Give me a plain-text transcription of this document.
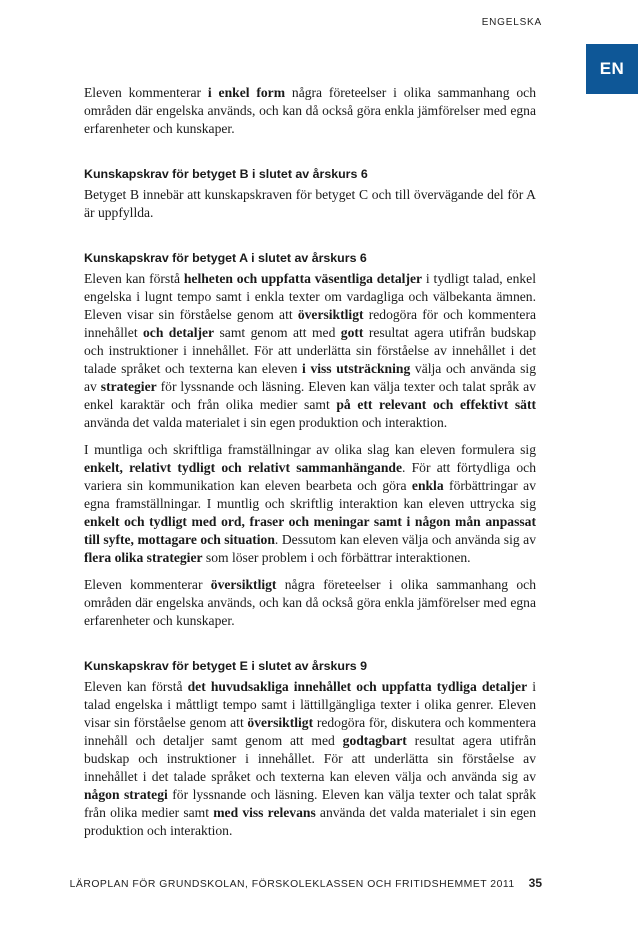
ENGELSKA
EN

Eleven kommenterar i enkel form några företeelser i olika sammanhang och områden där engelska används, och kan då också göra enkla jämförelser med egna erfarenheter och kunskaper.

Kunskapskrav för betyget B i slutet av årskurs 6

Betyget B innebär att kunskapskraven för betyget C och till övervägande del för A är uppfyllda.

Kunskapskrav för betyget A i slutet av årskurs 6

Eleven kan förstå helheten och uppfatta väsentliga detaljer i tydligt talad, enkel engelska i lugnt tempo samt i enkla texter om vardagliga och välbekanta ämnen. Eleven visar sin förståelse genom att översiktligt redogöra för och kommentera innehållet och detaljer samt genom att med gott resultat agera utifrån budskap och instruktioner i innehållet. För att underlätta sin förståelse av innehållet i det talade språket och texterna kan eleven i viss utsträckning välja och använda sig av strategier för lyssnande och läsning. Eleven kan välja texter och talat språk av enkel karaktär och från olika medier samt på ett relevant och effektivt sätt använda det valda materialet i sin egen produktion och interaktion.

I muntliga och skriftliga framställningar av olika slag kan eleven formulera sig enkelt, relativt tydligt och relativt sammanhängande. För att förtydliga och variera sin kommunikation kan eleven bearbeta och göra enkla förbättringar av egna framställningar. I muntlig och skriftlig interaktion kan eleven uttrycka sig enkelt och tydligt med ord, fraser och meningar samt i någon mån anpassat till syfte, mottagare och situation. Dessutom kan eleven välja och använda sig av flera olika strategier som löser problem i och förbättrar interaktionen.

Eleven kommenterar översiktligt några företeelser i olika sammanhang och områden där engelska används, och kan då också göra enkla jämförelser med egna erfarenheter och kunskaper.

Kunskapskrav för betyget E i slutet av årskurs 9

Eleven kan förstå det huvudsakliga innehållet och uppfatta tydliga detaljer i talad engelska i måttligt tempo samt i lättillgängliga texter i olika genrer. Eleven visar sin förståelse genom att översiktligt redogöra för, diskutera och kommentera innehåll och detaljer samt genom att med godtagbart resultat agera utifrån budskap och instruktioner i innehållet. För att underlätta sin förståelse av innehållet i det talade språket och texterna kan eleven välja och använda sig av någon strategi för lyssnande och läsning. Eleven kan välja texter och talat språk från olika medier samt med viss relevans använda det valda materialet i sin egen produktion och interaktion.

LÄROPLAN FÖR GRUNDSKOLAN, FÖRSKOLEKLASSEN OCH FRITIDSHEMMET 2011 35
